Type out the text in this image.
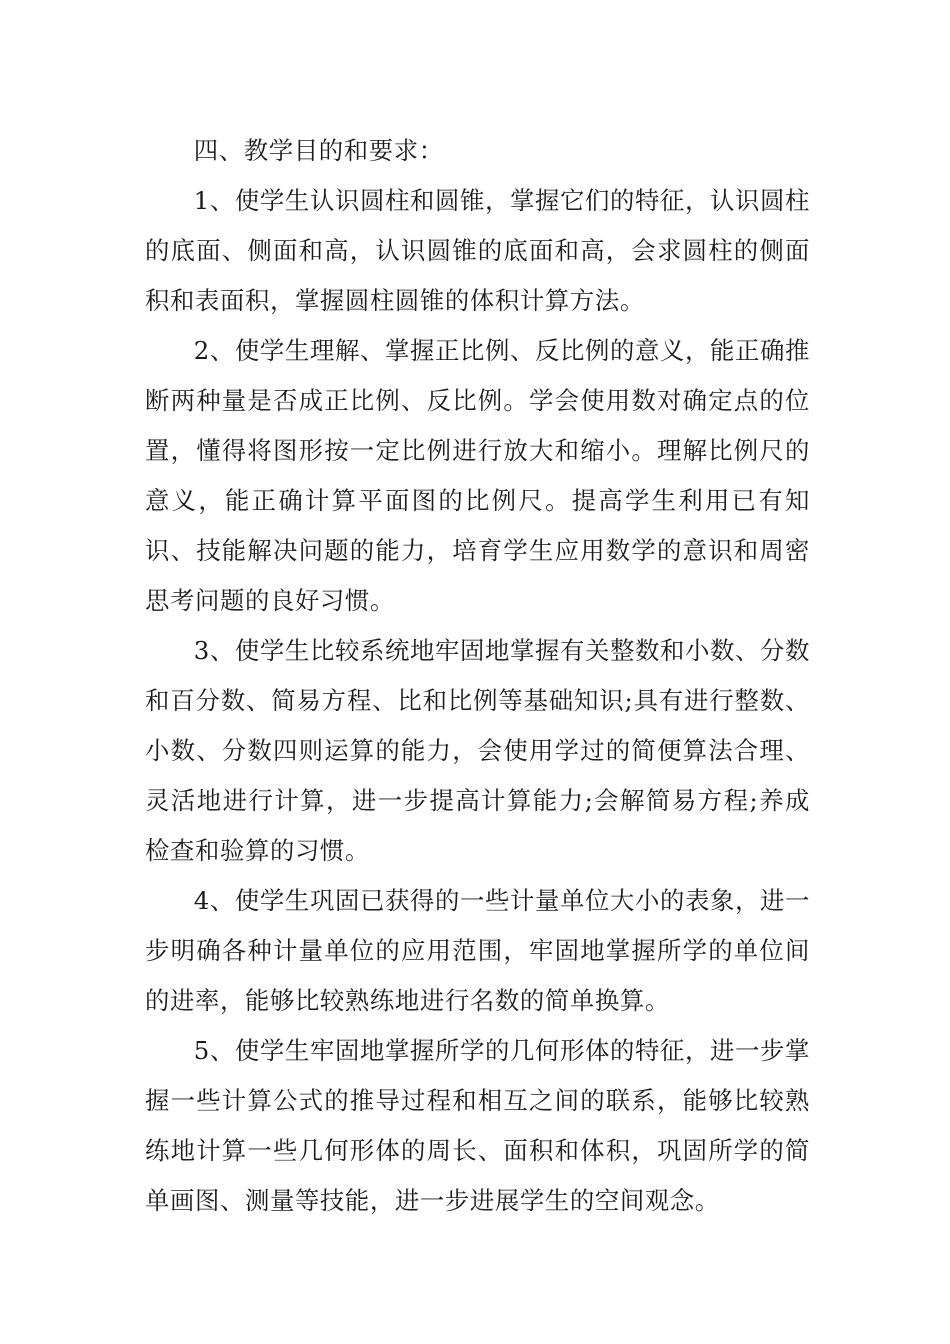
四、教学目的和要求：

1、使学生认识圆柱和圆锥，掌握它们的特征，认识圆柱的底面、侧面和高，认识圆锥的底面和高，会求圆柱的侧面积和表面积，掌握圆柱圆锥的体积计算方法。

2、使学生理解、掌握正比例、反比例的意义，能正确推断两种量是否成正比例、反比例。学会使用数对确定点的位置，懂得将图形按一定比例进行放大和缩小。理解比例尺的意义，能正确计算平面图的比例尺。提高学生利用已有知识、技能解决问题的能力，培育学生应用数学的意识和周密思考问题的良好习惯。

3、使学生比较系统地牢固地掌握有关整数和小数、分数和百分数、简易方程、比和比例等基础知识;具有进行整数、小数、分数四则运算的能力，会使用学过的简便算法合理、灵活地进行计算，进一步提高计算能力;会解简易方程;养成检查和验算的习惯。

4、使学生巩固已获得的一些计量单位大小的表象，进一步明确各种计量单位的应用范围，牢固地掌握所学的单位间的进率，能够比较熟练地进行名数的简单换算。

5、使学生牢固地掌握所学的几何形体的特征，进一步掌握一些计算公式的推导过程和相互之间的联系，能够比较熟练地计算一些几何形体的周长、面积和体积，巩固所学的简单画图、测量等技能，进一步进展学生的空间观念。
